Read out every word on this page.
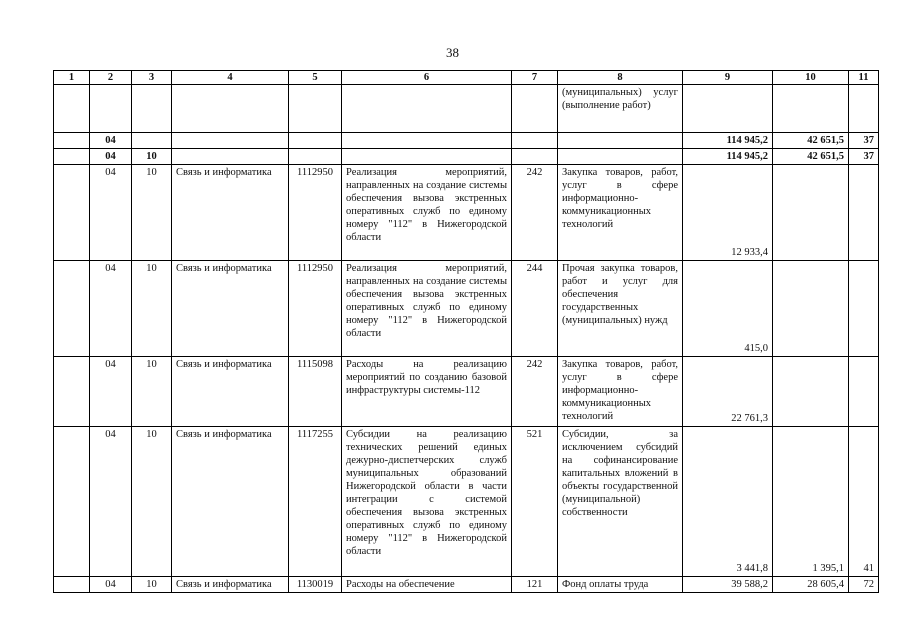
38
1	2	3	4	5	6	7	8	9	10	11
							(муниципальных) услуг (выполнение работ)			
	04							114 945,2	42 651,5	37
	04	10						114 945,2	42 651,5	37
	04	10	Связь и информатика	1112950	Реализация мероприятий, направленных на создание системы обеспечения вызова экстренных оперативных служб по единому номеру "112" в Нижегородской области	242	Закупка товаров, работ, услуг в сфере информационно-коммуникационных технологий	12 933,4		
	04	10	Связь и информатика	1112950	Реализация мероприятий, направленных на создание системы обеспечения вызова экстренных оперативных служб по единому номеру "112" в Нижегородской области	244	Прочая закупка товаров, работ и услуг для обеспечения государственных (муниципальных) нужд	415,0		
	04	10	Связь и информатика	1115098	Расходы на реализацию мероприятий по созданию базовой инфраструктуры системы-112	242	Закупка товаров, работ, услуг в сфере информационно-коммуникационных технологий	22 761,3		
	04	10	Связь и информатика	1117255	Субсидии на реализацию технических решений единых дежурно-диспетчерских служб муниципальных образований Нижегородской области в части интеграции с системой обеспечения вызова экстренных оперативных служб по единому номеру "112" в Нижегородской области	521	Субсидии, за исключением субсидий на софинансирование капитальных вложений в объекты государственной (муниципальной) собственности	3 441,8	1 395,1	41
	04	10	Связь и информатика	1130019	Расходы на обеспечение	121	Фонд оплаты труда	39 588,2	28 605,4	72
